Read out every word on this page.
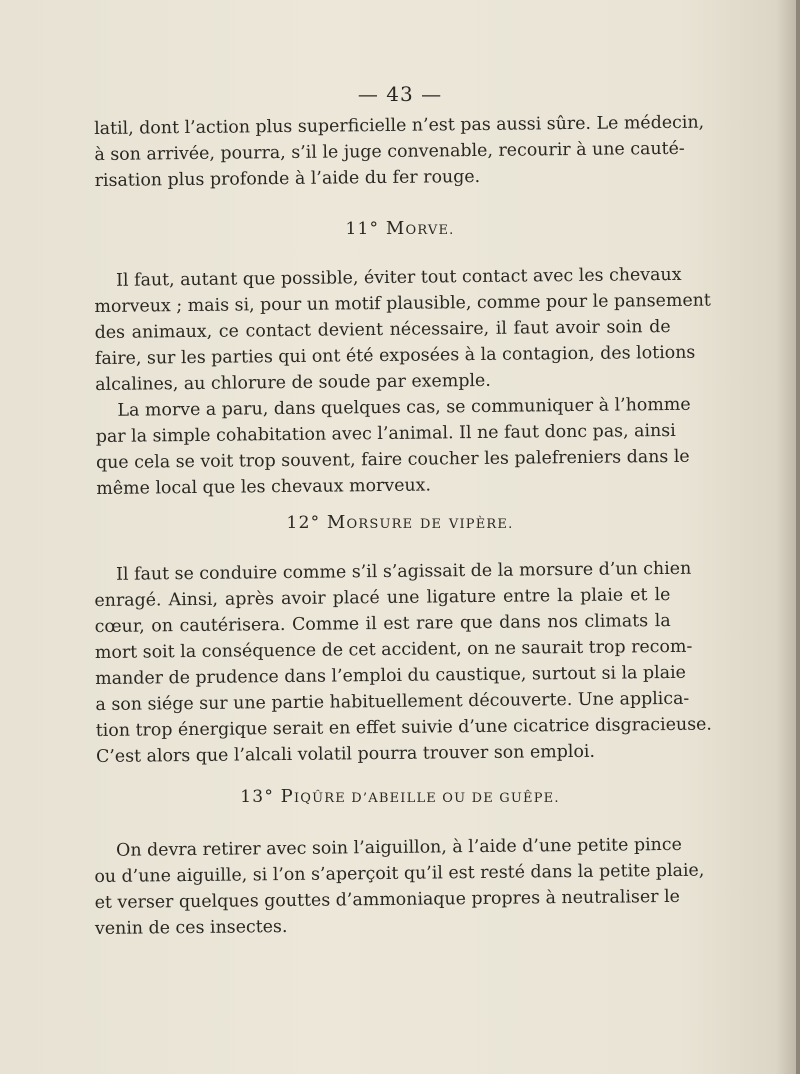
— 43 —
latil, dont l’action plus superficielle n’est pas aussi sûre. Le médecin,
à son arrivée, pourra, s’il le juge convenable, recourir à une cauté-
risation plus profonde à l’aide du fer rouge.
11° MORVE.
Il faut, autant que possible, éviter tout contact avec les chevaux
morveux ; mais si, pour un motif plausible, comme pour le pansement
des animaux, ce contact devient nécessaire, il faut avoir soin de
faire, sur les parties qui ont été exposées à la contagion, des lotions
alcalines, au chlorure de soude par exemple.
La morve a paru, dans quelques cas, se communiquer à l’homme
par la simple cohabitation avec l’animal. Il ne faut donc pas, ainsi
que cela se voit trop souvent, faire coucher les palefreniers dans le
même local que les chevaux morveux.
12° MORSURE DE VIPÈRE.
Il faut se conduire comme s’il s’agissait de la morsure d’un chien
enragé. Ainsi, après avoir placé une ligature entre la plaie et le
cœur, on cautérisera. Comme il est rare que dans nos climats la
mort soit la conséquence de cet accident, on ne saurait trop recom-
mander de prudence dans l’emploi du caustique, surtout si la plaie
a son siége sur une partie habituellement découverte. Une applica-
tion trop énergique serait en effet suivie d’une cicatrice disgracieuse.
C’est alors que l’alcali volatil pourra trouver son emploi.
13° PIQÛRE D’ABEILLE OU DE GUÊPE.
On devra retirer avec soin l’aiguillon, à l’aide d’une petite pince
ou d’une aiguille, si l’on s’aperçoit qu’il est resté dans la petite plaie,
et verser quelques gouttes d’ammoniaque propres à neutraliser le
venin de ces insectes.
